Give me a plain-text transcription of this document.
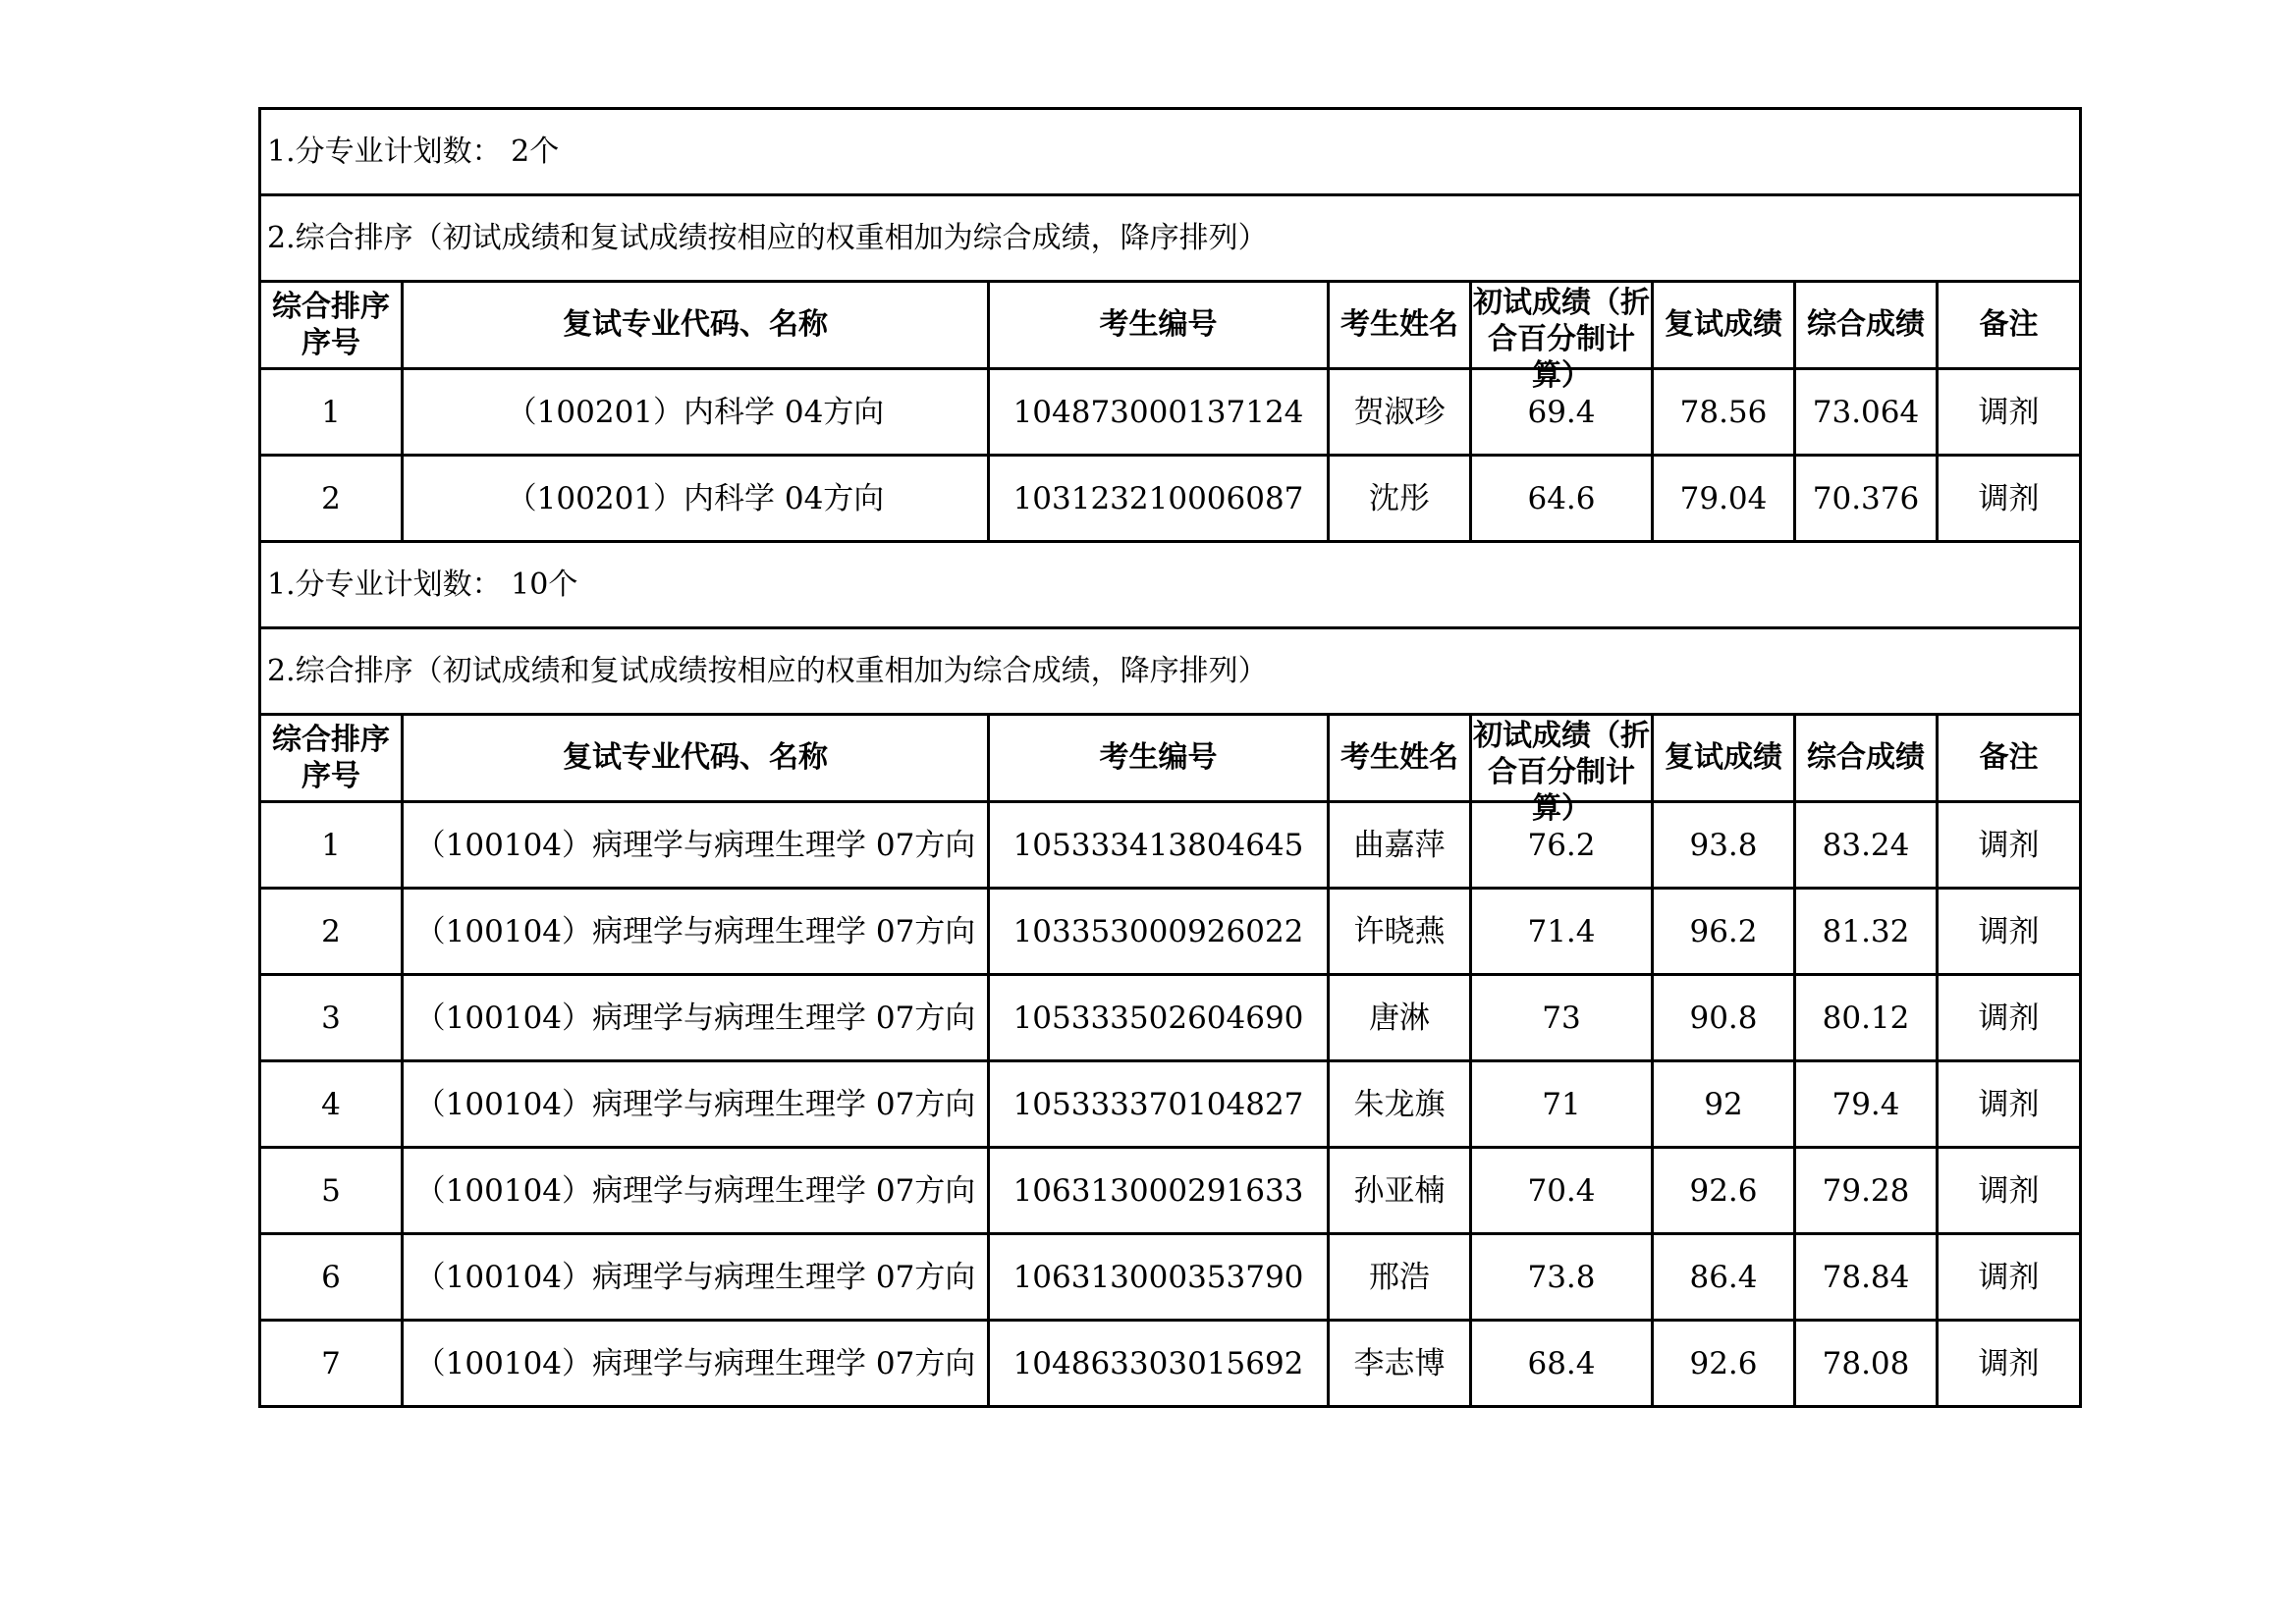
1.分专业计划数： 2个							
2.综合排序（初试成绩和复试成绩按相应的权重相加为综合成绩，降序排列）							
综合排序序号	复试专业代码、名称	考生编号	考生姓名	初试成绩（折合百分制计算）	复试成绩	综合成绩	备注
1	（100201）内科学 04方向	104873000137124	贺淑珍	69.4	78.56	73.064	调剂
2	（100201）内科学 04方向	103123210006087	沈彤	64.6	79.04	70.376	调剂
1.分专业计划数： 10个							
2.综合排序（初试成绩和复试成绩按相应的权重相加为综合成绩，降序排列）							
综合排序序号	复试专业代码、名称	考生编号	考生姓名	初试成绩（折合百分制计算）	复试成绩	综合成绩	备注
1	（100104）病理学与病理生理学 07方向	105333413804645	曲嘉萍	76.2	93.8	83.24	调剂
2	（100104）病理学与病理生理学 07方向	103353000926022	许晓燕	71.4	96.2	81.32	调剂
3	（100104）病理学与病理生理学 07方向	105333502604690	唐淋	73	90.8	80.12	调剂
4	（100104）病理学与病理生理学 07方向	105333370104827	朱龙旗	71	92	79.4	调剂
5	（100104）病理学与病理生理学 07方向	106313000291633	孙亚楠	70.4	92.6	79.28	调剂
6	（100104）病理学与病理生理学 07方向	106313000353790	邢浩	73.8	86.4	78.84	调剂
7	（100104）病理学与病理生理学 07方向	104863303015692	李志博	68.4	92.6	78.08	调剂
